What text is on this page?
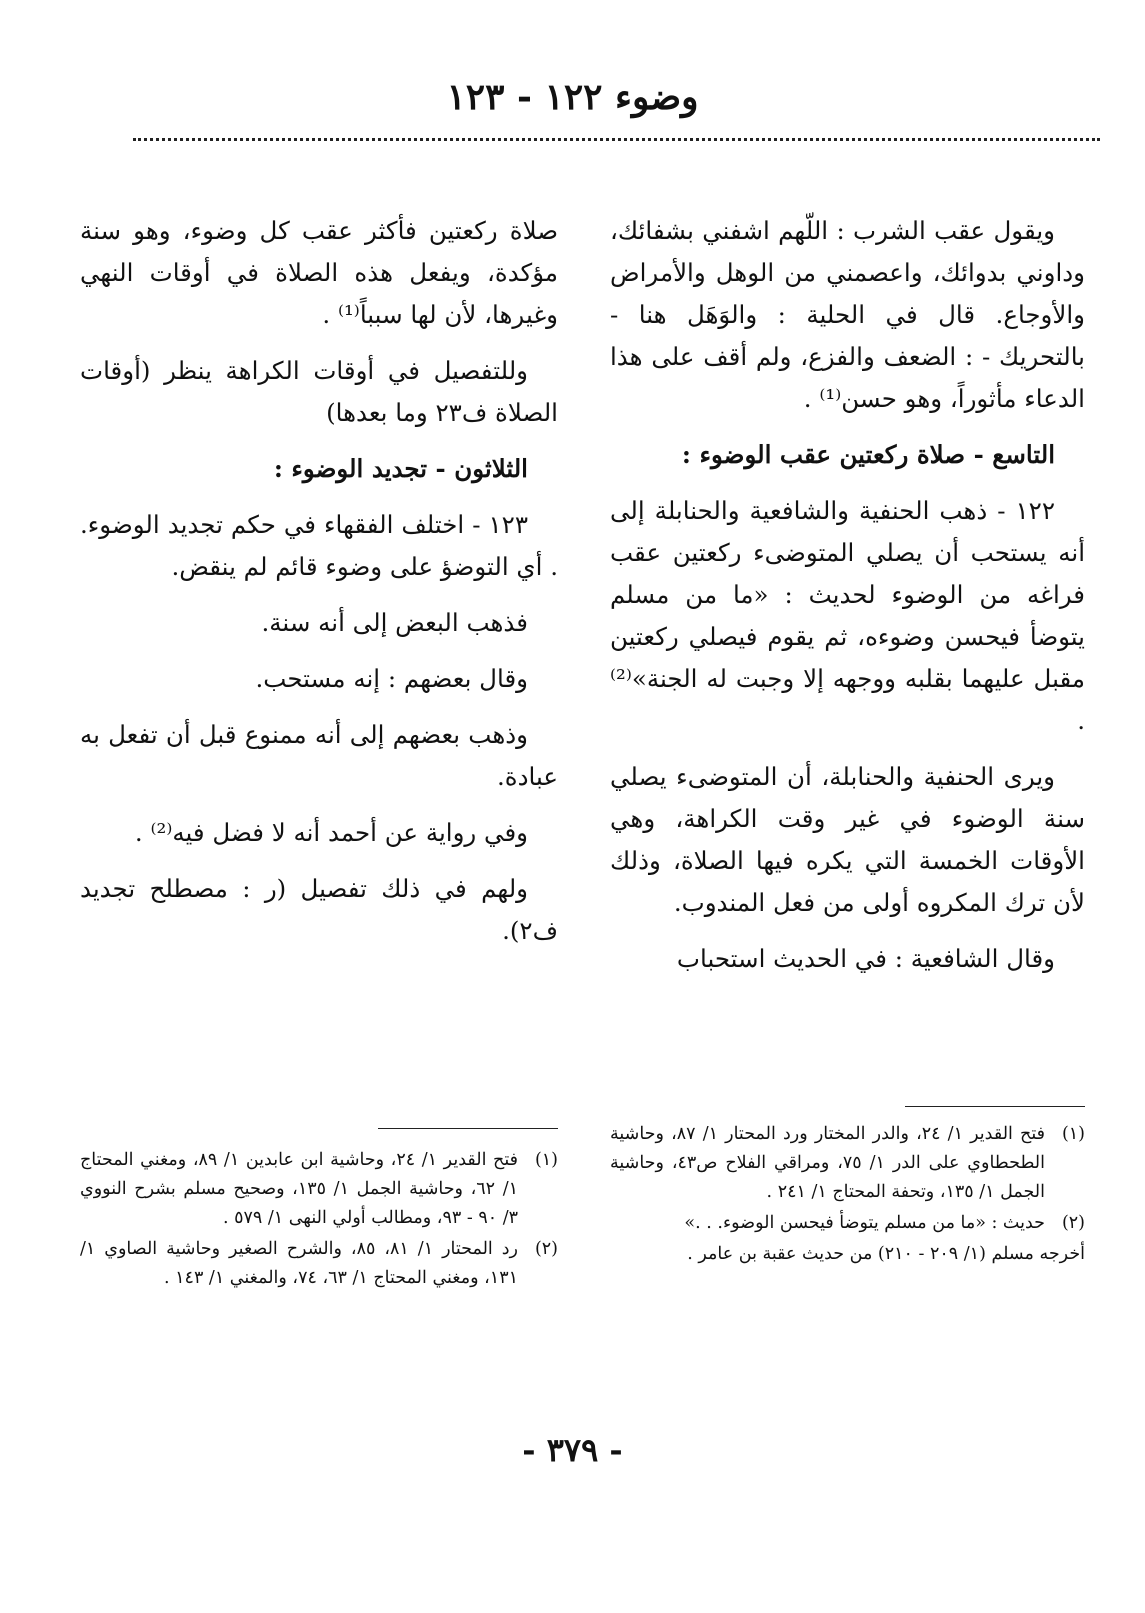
وضوء ١٢٢ - ١٢٣

ويقول عقب الشرب : اللّهم اشفني بشفائك، وداوني بدوائك، واعصمني من الوهل والأمراض والأوجاع. قال في الحلية : والوَهَل هنا - بالتحريك - : الضعف والفزع، ولم أقف على هذا الدعاء مأثوراً، وهو حسن⁽¹⁾ .

التاسع - صلاة ركعتين عقب الوضوء :

١٢٢ - ذهب الحنفية والشافعية والحنابلة إلى أنه يستحب أن يصلي المتوضىء ركعتين عقب فراغه من الوضوء لحديث : «ما من مسلم يتوضأ فيحسن وضوءه، ثم يقوم فيصلي ركعتين مقبل عليهما بقلبه ووجهه إلا وجبت له الجنة»⁽²⁾ .

ويرى الحنفية والحنابلة، أن المتوضىء يصلي سنة الوضوء في غير وقت الكراهة، وهي الأوقات الخمسة التي يكره فيها الصلاة، وذلك لأن ترك المكروه أولى من فعل المندوب.

وقال الشافعية : في الحديث استحباب

صلاة ركعتين فأكثر عقب كل وضوء، وهو سنة مؤكدة، ويفعل هذه الصلاة في أوقات النهي وغيرها، لأن لها سبباً⁽¹⁾ .

وللتفصيل في أوقات الكراهة ينظر (أوقات الصلاة ف٢٣ وما بعدها)

الثلاثون - تجديد الوضوء :

١٢٣ - اختلف الفقهاء في حكم تجديد الوضوء. . أي التوضؤ على وضوء قائم لم ينقض.

فذهب البعض إلى أنه سنة.

وقال بعضهم : إنه مستحب.

وذهب بعضهم إلى أنه ممنوع قبل أن تفعل به عبادة.

وفي رواية عن أحمد أنه لا فضل فيه⁽²⁾ .

ولهم في ذلك تفصيل (ر : مصطلح تجديد ف٢).

(١)
فتح القدير ١/ ٢٤، والدر المختار ورد المحتار ١/ ٨٧، وحاشية الطحطاوي على الدر ١/ ٧٥، ومراقي الفلاح ص٤٣، وحاشية الجمل ١/ ١٣٥، وتحفة المحتاج ١/ ٢٤١ .
(٢)
حديث : «ما من مسلم يتوضأ فيحسن الوضوء. . .»
أخرجه مسلم (١/ ٢٠٩ - ٢١٠) من حديث عقبة بن عامر .
(١)
فتح القدير ١/ ٢٤، وحاشية ابن عابدين ١/ ٨٩، ومغني المحتاج ١/ ٦٢، وحاشية الجمل ١/ ١٣٥، وصحيح مسلم بشرح النووي ٣/ ٩٠ - ٩٣، ومطالب أولي النهى ١/ ٥٧٩ .
(٢)
رد المحتار ١/ ٨١، ٨٥، والشرح الصغير وحاشية الصاوي ١/ ١٣١، ومغني المحتاج ١/ ٦٣، ٧٤، والمغني ١/ ١٤٣ .
- ٣٧٩ -
